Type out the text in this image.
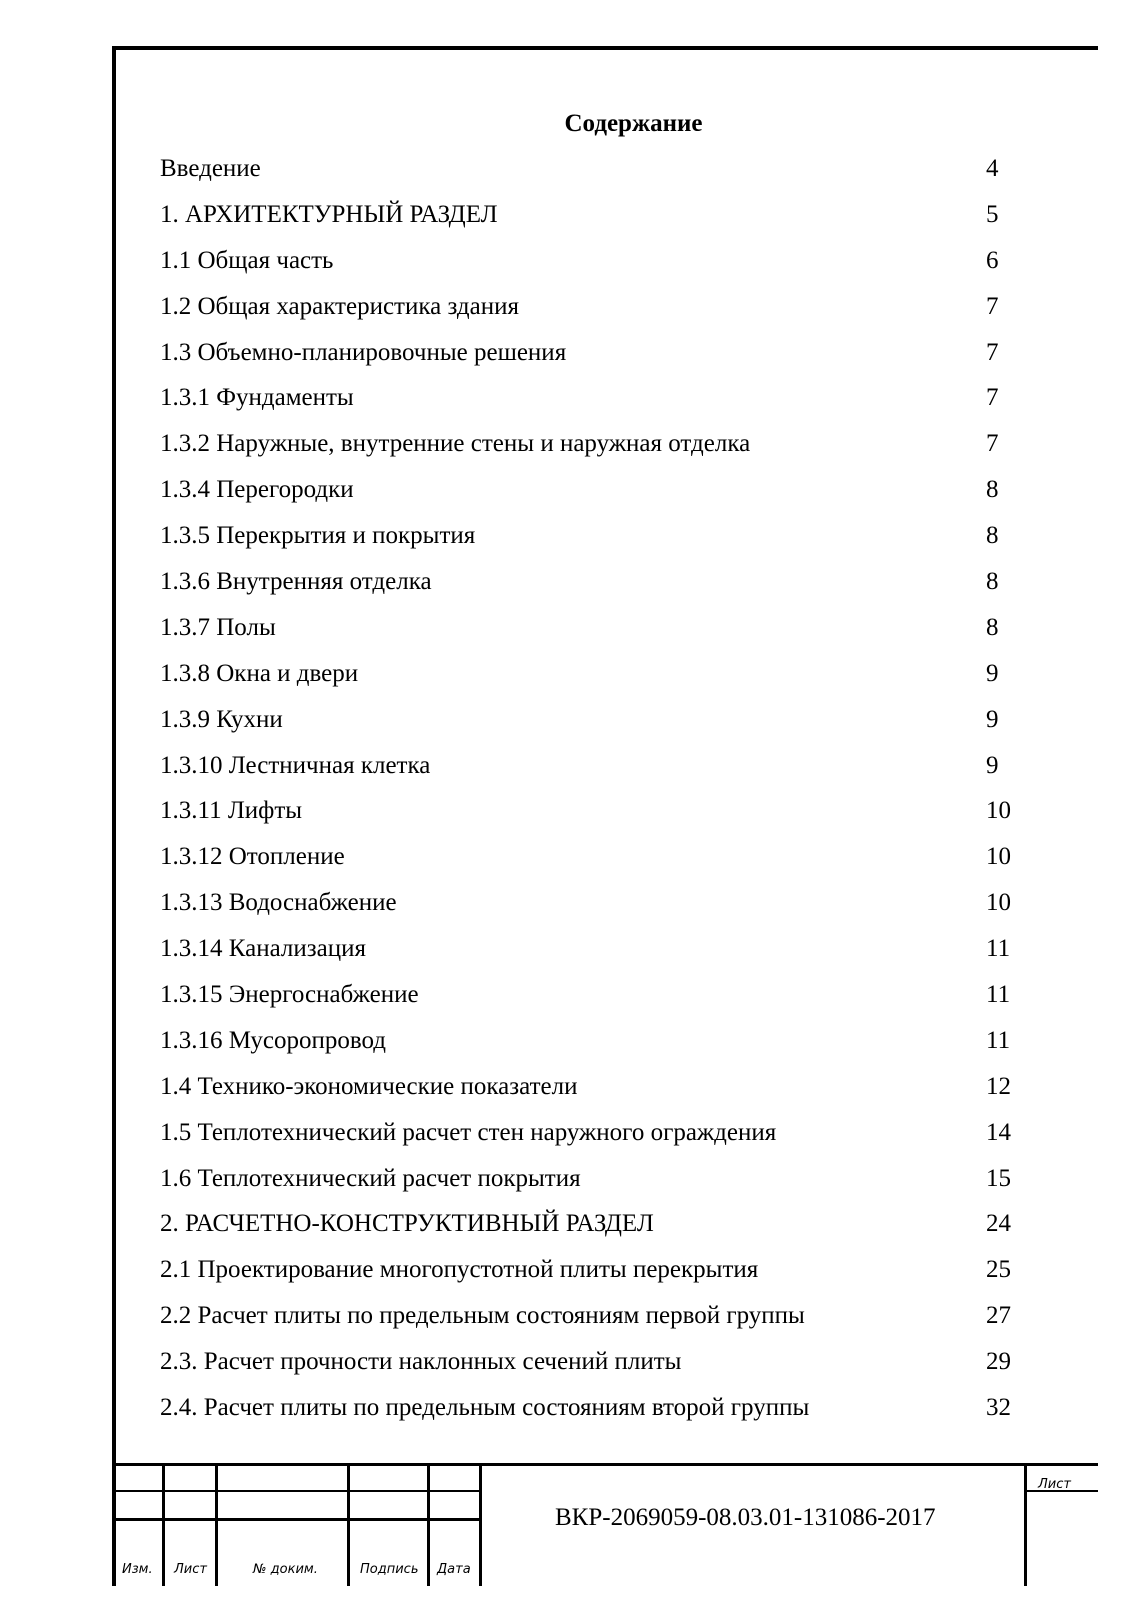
Содержание
Введение	4
1. АРХИТЕКТУРНЫЙ РАЗДЕЛ	5
1.1 Общая часть	6
1.2 Общая характеристика здания	7
1.3 Объемно-планировочные решения	7
1.3.1 Фундаменты	7
1.3.2 Наружные, внутренние стены и наружная отделка	7
1.3.4 Перегородки	8
1.3.5 Перекрытия и покрытия	8
1.3.6 Внутренняя отделка	8
1.3.7 Полы	8
1.3.8 Окна и двери	9
1.3.9 Кухни	9
1.3.10 Лестничная клетка	9
1.3.11 Лифты	10
1.3.12 Отопление	10
1.3.13 Водоснабжение	10
1.3.14 Канализация	11
1.3.15 Энергоснабжение	11
1.3.16 Мусоропровод	11
1.4 Технико-экономические показатели	12
1.5 Теплотехнический расчет стен наружного ограждения	14
1.6 Теплотехнический расчет покрытия	15
2. РАСЧЕТНО-КОНСТРУКТИВНЫЙ РАЗДЕЛ	24
2.1 Проектирование многопустотной плиты перекрытия	25
2.2 Расчет плиты по предельным состояниям первой группы	27
2.3. Расчет прочности наклонных сечений плиты	29
2.4. Расчет плиты по предельным состояниям второй группы	32
Изм. Лист	№ доким.	Подпись Дата
ВКР-2069059-08.03.01-131086-2017
Лист
